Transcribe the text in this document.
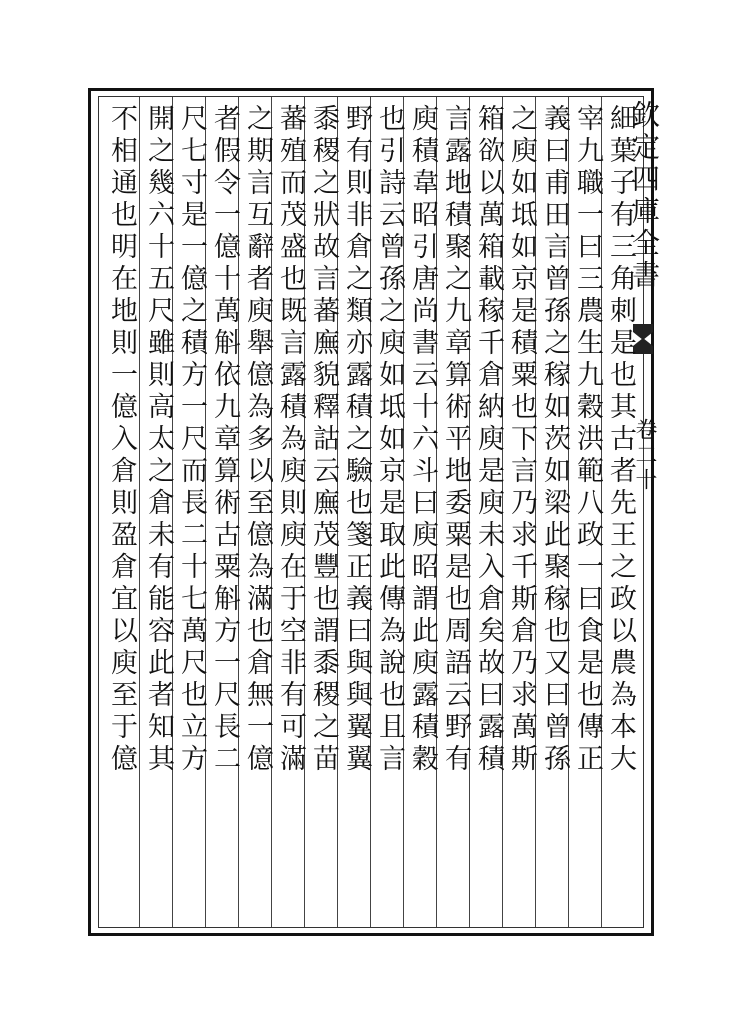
欽定四庫全書
卷二十
細葉子有三角刺是也其古者先王之政以農為本大
宰九職一曰三農生九穀洪範八政一曰食是也傳正
義曰甫田言曾孫之稼如茨如梁此聚稼也又曰曾孫
之庾如坻如京是積粟也下言乃求千斯倉乃求萬斯
箱欲以萬箱載稼千倉納庾是庾未入倉矣故曰露積
言露地積聚之九章算術平地委粟是也周語云野有
庾積韋昭引唐尚書云十六斗曰庾昭謂此庾露積穀
也引詩云曾孫之庾如坻如京是取此傳為說也且言
野有則非倉之類亦露積之驗也箋正義曰與與翼翼
黍稷之狀故言蕃廡貌釋詁云廡茂豐也謂黍稷之苗
蕃殖而茂盛也既言露積為庾則庾在于空非有可滿
之期言互辭者庾舉億為多以至億為滿也倉無一億
者假令一億十萬斛依九章算術古粟斛方一尺長二
尺七寸是一億之積方一尺而長二十七萬尺也立方
開之幾六十五尺雖則高太之倉未有能容此者知其
不相通也明在地則一億入倉則盈倉宜以庾至于億
